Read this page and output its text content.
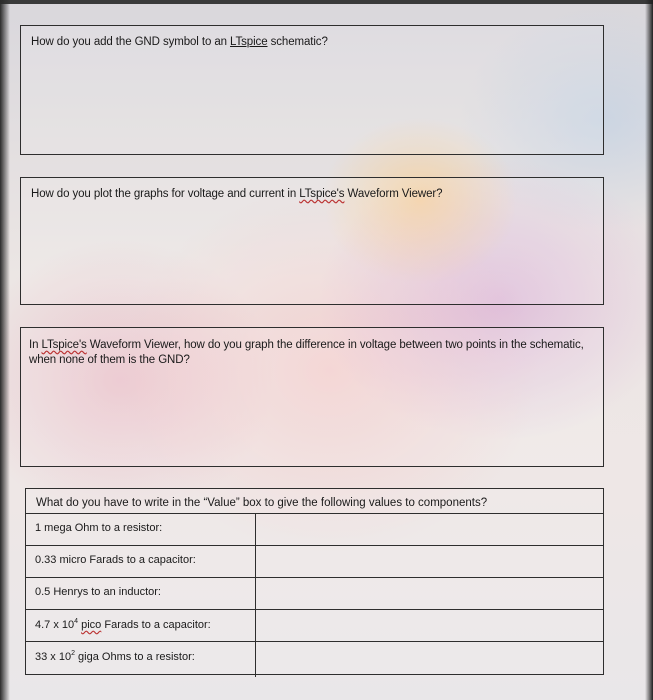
How do you add the GND symbol to an LTspice schematic?
How do you plot the graphs for voltage and current in LTspice's Waveform Viewer?
In LTspice's Waveform Viewer, how do you graph the difference in voltage between two points in the schematic, when none of them is the GND?
What do you have to write in the “Value” box to give the following values to components?
1 mega Ohm to a resistor:
0.33 micro Farads to a capacitor:
0.5 Henrys to an inductor:
4.7 x $10^4$ pico Farads to a capacitor:
33 x $10^2$ giga Ohms to a resistor:
